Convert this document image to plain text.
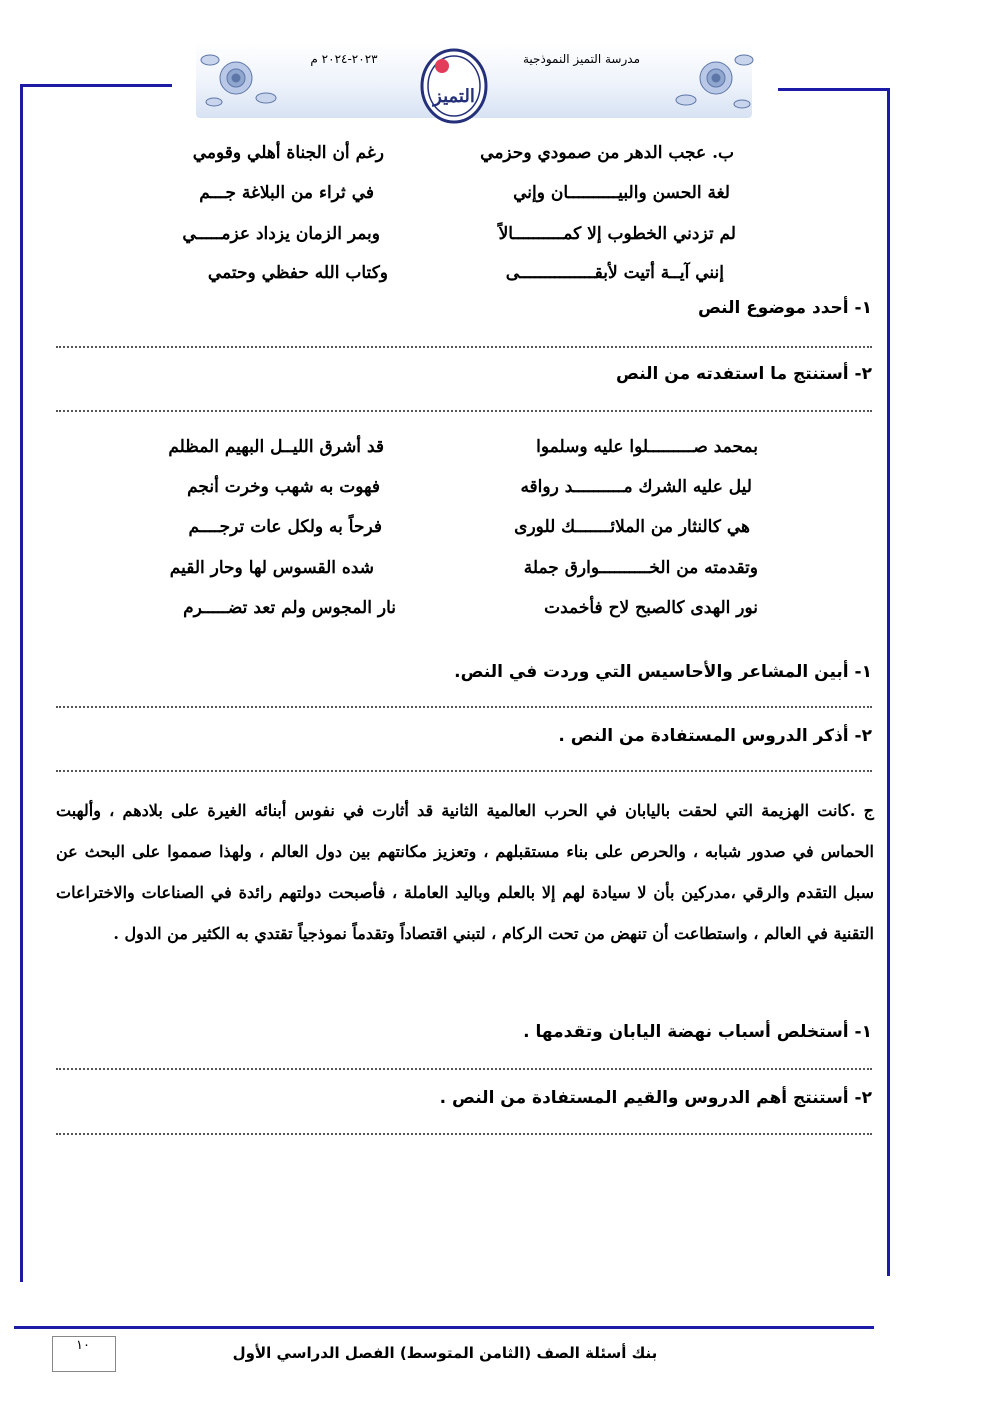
مدرسة التميز النموذجية
٢٠٢٣-٢٠٢٤ م
التميز
ب. عجب الدهر من صمودي وحزمي
رغم أن الجناة أهلي وقومي
لغة الحسن والبيــــــــــان وإني
في ثراء من البلاغة جـــم
لم تزدني الخطوب إلا كمــــــــــالاً
وبمر الزمان يزداد عزمـــــي
إنني آيــة أتيت لأبقـــــــــــــــى
وكتاب الله حفظي وحتمي
١- أحدد موضوع النص
٢- أستنتج ما استفدته من النص
بمحمد صـــــــــلوا عليه وسلموا
قد أشرق الليــل البهيم المظلم
ليل عليه الشرك مــــــــــد رواقه
فهوت به شهب وخرت أنجم
هي كالنثار من الملائـــــــك للورى
فرحاً به ولكل عات ترجــــم
وتقدمته من الخــــــــــوارق جملة
شده القسوس لها وحار القيم
نور الهدى كالصبح لاح فأخمدت
نار المجوس ولم تعد تضـــــرم
١- أبين المشاعر والأحاسيس التي وردت في النص.
٢- أذكر الدروس المستفادة من النص .
ج .كانت الهزيمة التي لحقت باليابان في الحرب العالمية الثانية قد أثارت في نفوس أبنائه الغيرة على بلادهم ، وألهبت الحماس في صدور شبابه ، والحرص على بناء مستقبلهم ، وتعزيز مكانتهم بين دول العالم ، ولهذا صمموا على البحث عن سبل التقدم والرقي ،مدركين بأن لا سيادة لهم إلا بالعلم وباليد العاملة ، فأصبحت دولتهم رائدة في الصناعات والاختراعات التقنية في العالم ، واستطاعت أن تنهض من تحت الركام ، لتبني اقتصاداً وتقدماً نموذجياً تقتدي به الكثير من الدول .
١- أستخلص أسباب نهضة اليابان وتقدمها .
٢- أستنتج أهم الدروس والقيم المستفادة من النص .
١٠	بنك أسئلة الصف (الثامن المتوسط) الفصل الدراسي الأول
